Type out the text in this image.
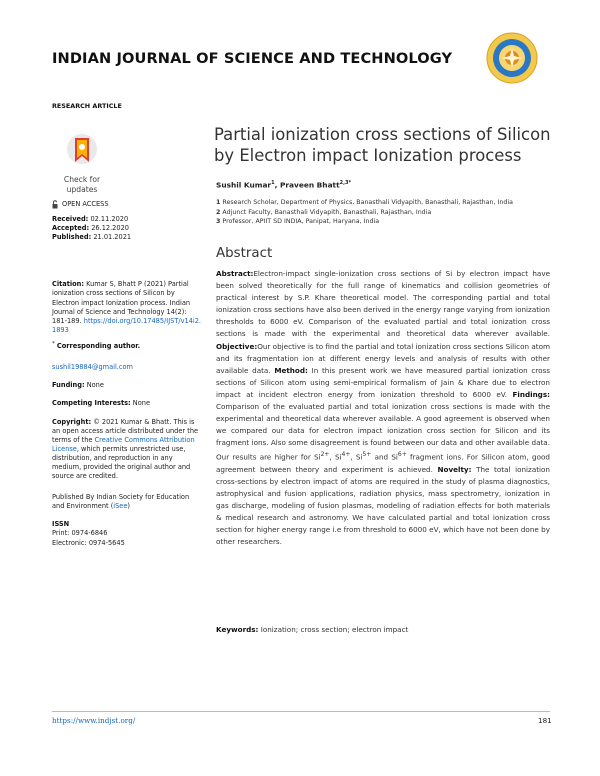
INDIAN JOURNAL OF SCIENCE AND TECHNOLOGY
RESEARCH ARTICLE
Check for
updates

OPEN ACCESS

Received: 02.11.2020

Accepted: 26.12.2020

Published: 21.01.2021

Citation: Kumar S, Bhatt P (2021) Partial ionization cross sections of Silicon by Electron impact Ionization process. Indian Journal of Science and Technology 14(2): 181-189. https://doi.org/10.17485/IJST/v14i2.1893

* Corresponding author.

sushil19884@gmail.com

Funding: None

Competing Interests: None

Copyright: © 2021 Kumar & Bhatt. This is an open access article distributed under the terms of the Creative Commons Attribution License, which permits unrestricted use, distribution, and reproduction in any medium, provided the original author and source are credited.

Published By Indian Society for Education and Environment (iSee)

ISSN

Print: 0974-6846

Electronic: 0974-5645

Partial ionization cross sections of Silicon
by Electron impact Ionization process
Sushil Kumar$^1$, Praveen Bhatt$^{2,3*}$
1 Research Scholar, Department of Physics, Banasthali Vidyapith, Banasthali, Rajasthan, India
2 Adjunct Faculty, Banasthali Vidyapith, Banasthali, Rajasthan, India
3 Professor, APIIT SD INDIA, Panipat, Haryana, India
Abstract

Abstract:Electron-impact single-ionization cross sections of Si by electron impact have been solved theoretically for the full range of kinematics and collision geometries of practical interest by S.P. Khare theoretical model. The corresponding partial and total ionization cross sections have also been derived in the energy range varying from ionization thresholds to 6000 eV. Comparison of the evaluated partial and total ionization cross sections is made with the experimental and theoretical data wherever available. Objective:Our objective is to find the partial and total ionization cross sections Silicon atom and its fragmentation ion at different energy levels and analysis of results with other available data. Method: In this present work we have measured partial ionization cross sections of Silicon atom using semi-empirical formalism of Jain & Khare due to electron impact at incident electron energy from ionization threshold to 6000 eV. Findings: Comparison of the evaluated partial and total ionization cross sections is made with the experimental and theoretical data wherever available. A good agreement is observed when we compared our data for electron impact ionization cross section for Silicon and its fragment ions. Also some disagreement is found between our data and other available data. Our results are higher for $Si^{2+}$, $Si^{4+}$, $Si^{5+}$ and $Si^{6+}$ fragment ions. For Silicon atom, good agreement between theory and experiment is achieved. Novelty: The total ionization cross-sections by electron impact of atoms are required in the study of plasma diagnostics, astrophysical and fusion applications, radiation physics, mass spectrometry, ionization in gas discharge, modeling of fusion plasmas, modeling of radiation effects for both materials & medical research and astronomy. We have calculated partial and total ionization cross section for higher energy range i.e from threshold to 6000 eV, which have not been done by other researchers.

Keywords: Ionization; cross section; electron impact
https://www.indjst.org/	181
